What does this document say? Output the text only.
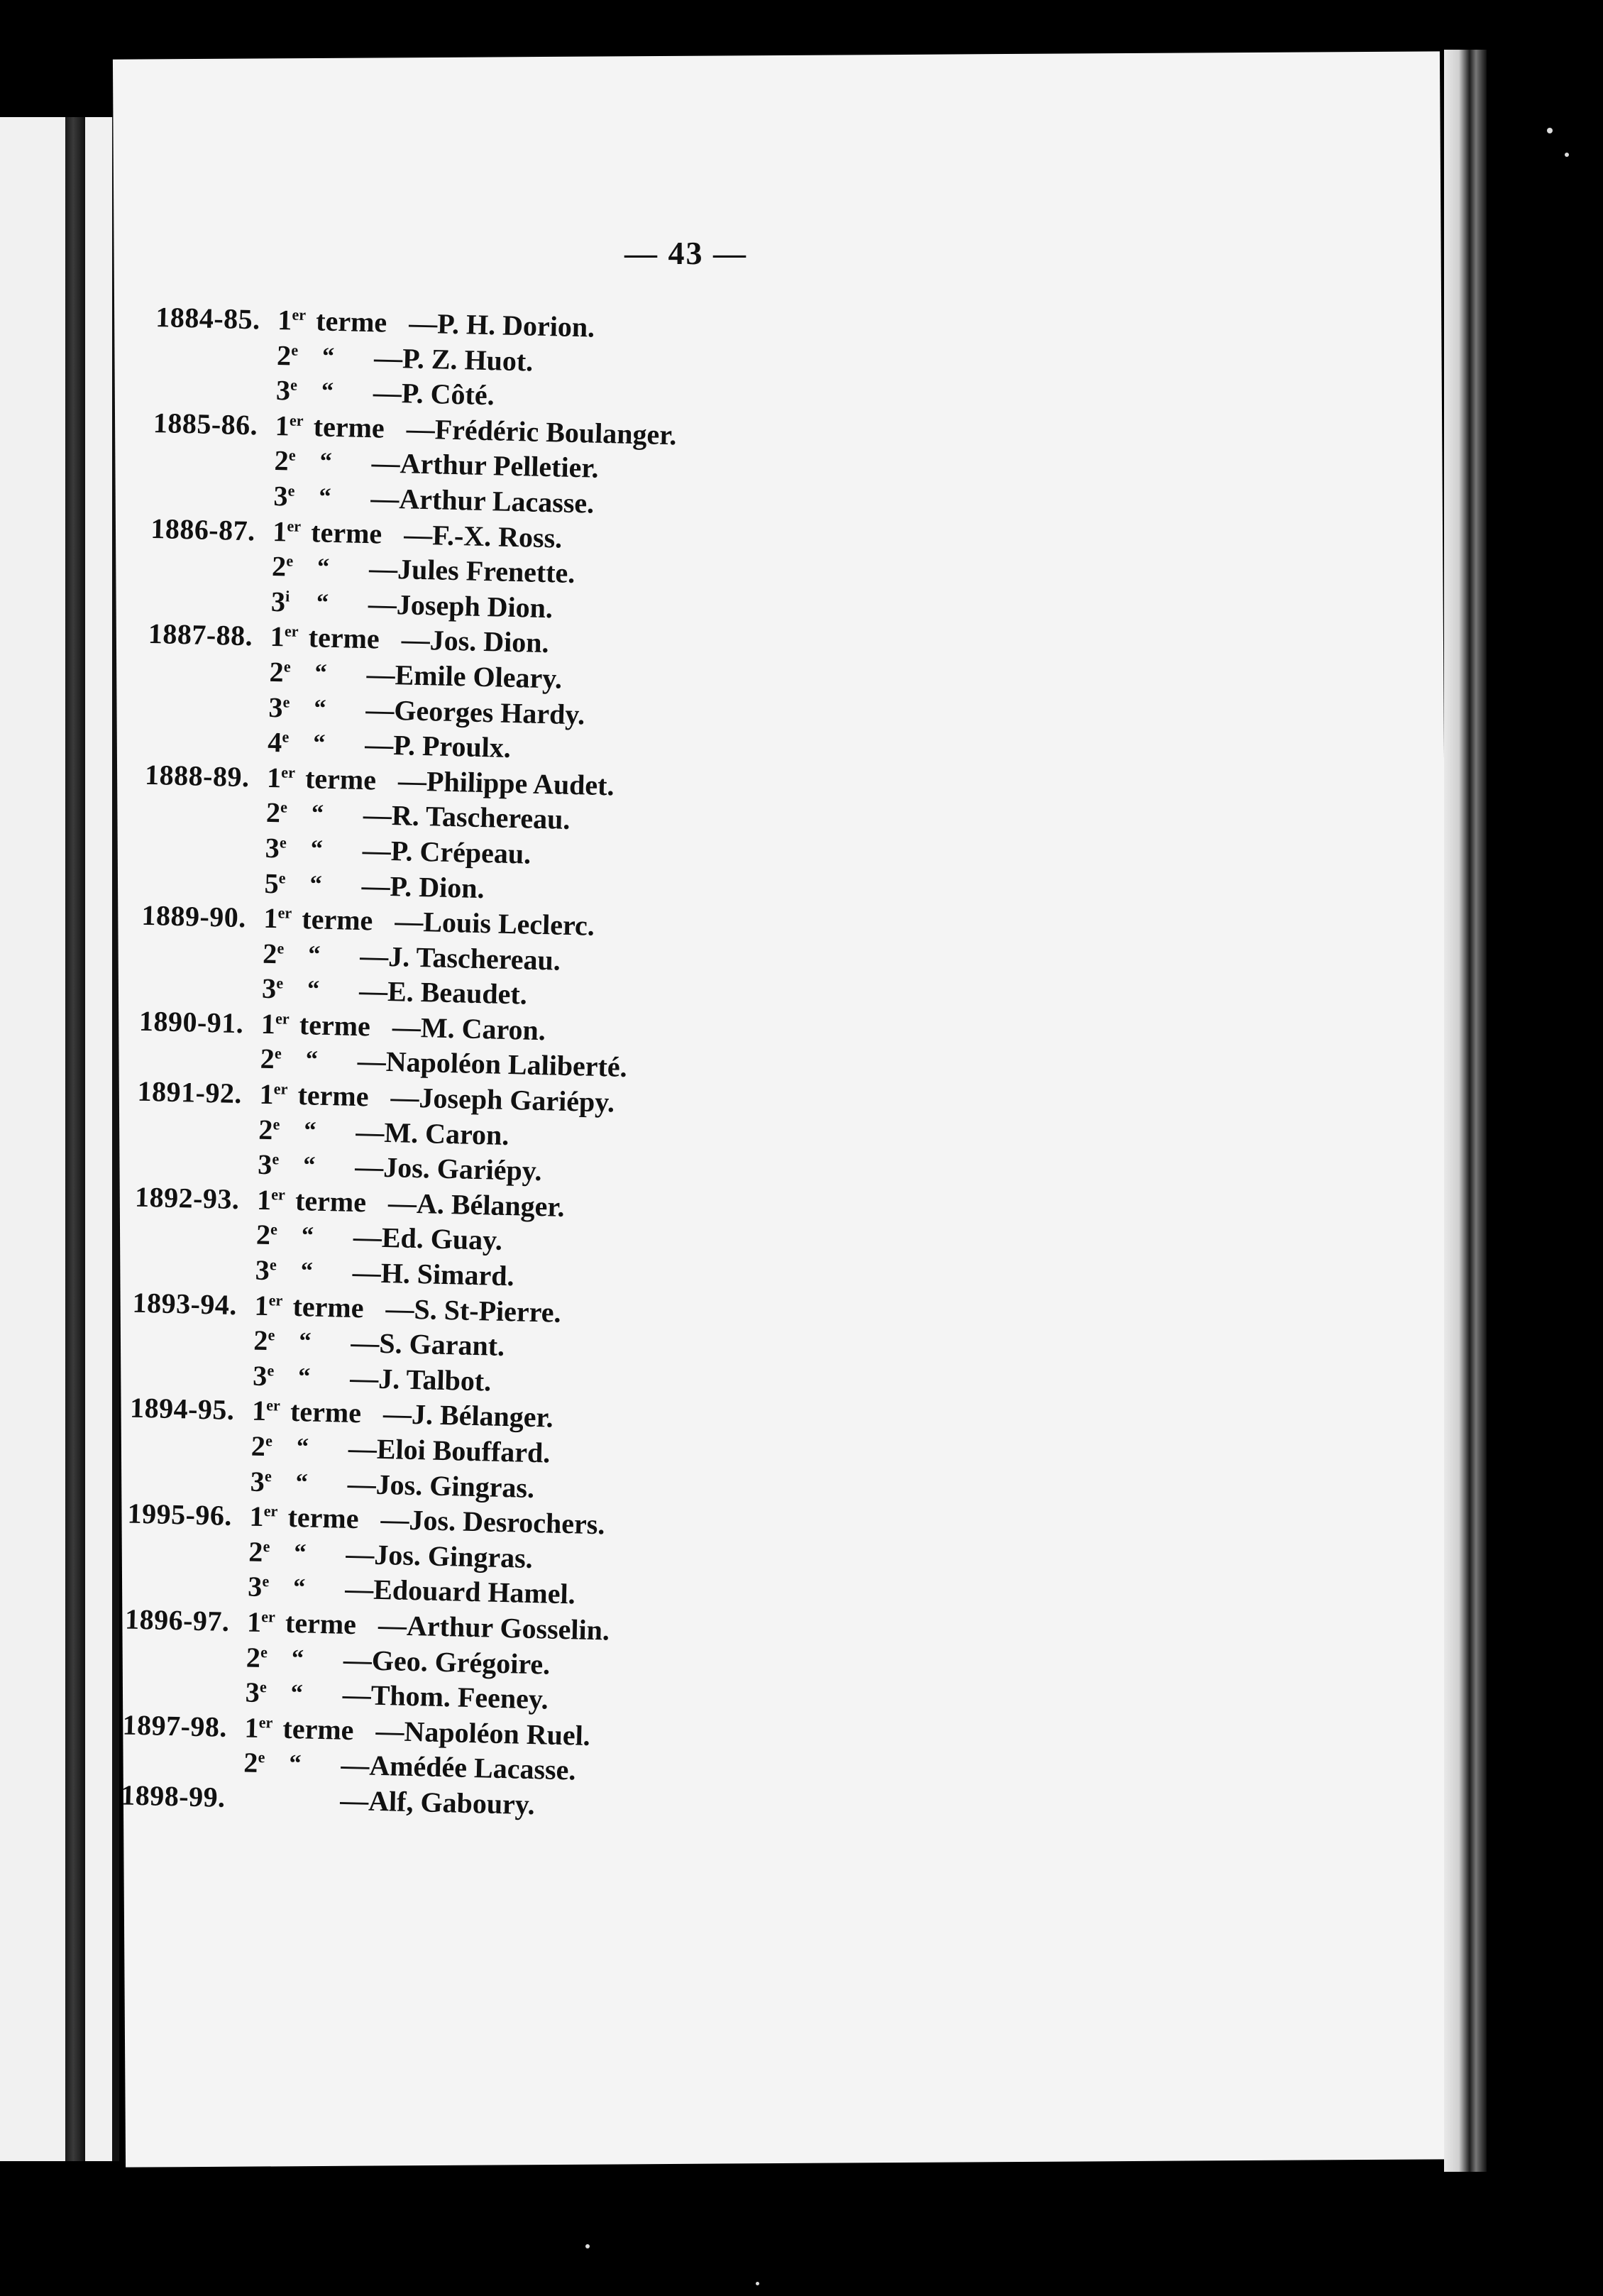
— 43 —
1884-85. 1er terme —P. H. Dorion.
2e “ —P. Z. Huot.
3e “ —P. Côté.
1885-86. 1er terme —Frédéric Boulanger.
2e “ —Arthur Pelletier.
3e “ —Arthur Lacasse.
1886-87. 1er terme —F.-X. Ross.
2e “ —Jules Frenette.
3$^i$	“ —Joseph Dion.
1887-88. 1er terme —Jos. Dion.
2e “ —Emile Oleary.
3e “ —Georges Hardy.
4e “ —P. Proulx.
1888-89. 1er terme —Philippe Audet.
2e “ —R. Taschereau.
3e “ —P. Crépeau.
5e “ —P. Dion.
1889-90. 1er terme —Louis Leclerc.
2e “ —J. Taschereau.
3e “ —E. Beaudet.
1890-91. 1er terme —M. Caron.
2e “ —Napoléon Laliberté.
1891-92. 1er terme —Joseph Gariépy.
2e “ —M. Caron.
3e “ —Jos. Gariépy.
1892-93. 1er terme —A. Bélanger.
2e “ —Ed. Guay.
3e “ —H. Simard.
1893-94. 1er terme —S. St-Pierre.
2e “ —S. Garant.
3e “ —J. Talbot.
1894-95. 1er terme —J. Bélanger.
2e “ —Eloi Bouffard.
3e “ —Jos. Gingras.
1995-96. 1er terme —Jos. Desrochers.
2e “ —Jos. Gingras.
3e “ —Edouard Hamel.
1896-97. 1er terme —Arthur Gosselin.
2e “ —Geo. Grégoire.
3e “ —Thom. Feeney.
1897-98. 1er terme —Napoléon Ruel.
2e “ —Amédée Lacasse.
1898-99.	—Alf, Gaboury.
